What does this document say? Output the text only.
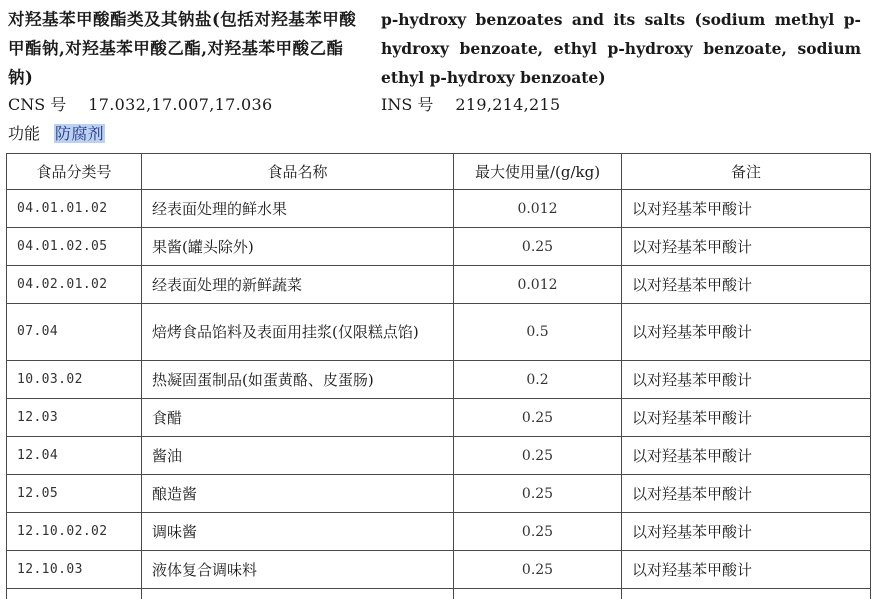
对羟基苯甲酸酯类及其钠盐(包括对羟基苯甲酸甲酯钠,对羟基苯甲酸乙酯,对羟基苯甲酸乙酯钠)
p-hydroxy benzoates and its salts (sodium methyl p-hydroxy benzoate, ethyl p-hydroxy benzoate, sodium ethyl p-hydroxy benzoate)
CNS 号 17.032,17.007,17.036	INS 号 219,214,215
功能 防腐剂
食品分类号	食品名称	最大使用量/(g/kg)	备注
04.01.01.02	经表面处理的鲜水果	0.012	以对羟基苯甲酸计
04.01.02.05	果酱(罐头除外)	0.25	以对羟基苯甲酸计
04.02.01.02	经表面处理的新鲜蔬菜	0.012	以对羟基苯甲酸计
07.04	焙烤食品馅料及表面用挂浆(仅限糕点馅)	0.5	以对羟基苯甲酸计
10.03.02	热凝固蛋制品(如蛋黄酪、皮蛋肠)	0.2	以对羟基苯甲酸计
12.03	食醋	0.25	以对羟基苯甲酸计
12.04	酱油	0.25	以对羟基苯甲酸计
12.05	酿造酱	0.25	以对羟基苯甲酸计
12.10.02.02	调味酱	0.25	以对羟基苯甲酸计
12.10.03	液体复合调味料	0.25	以对羟基苯甲酸计
